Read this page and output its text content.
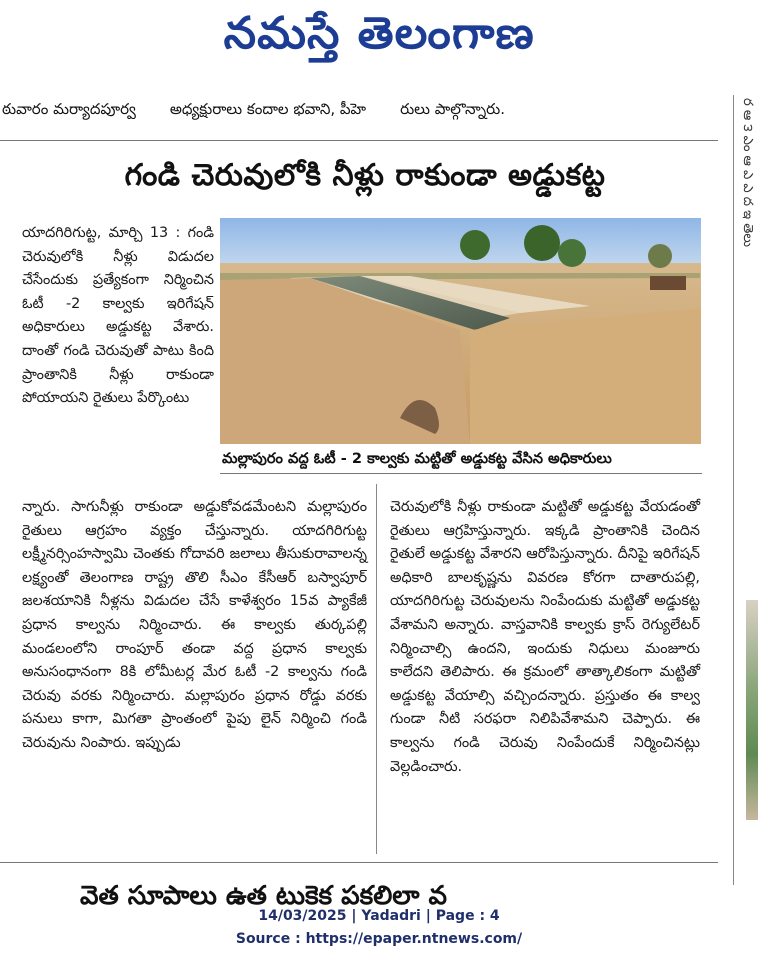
నమస్తే తెలంగాణ
ఠువారం మర్యాదపూర్వ అధ్యక్షురాలు కందాల భవాని, పీహె రులు పాల్గొన్నారు.
గండి చెరువులోకి నీళ్లు రాకుండా అడ్డుకట్ట
యాదగిరిగుట్ట, మార్చి 13 : గండి చెరువులోకి నీళ్లు విడుదల చేసేందుకు ప్రత్యేకంగా నిర్మించిన ఓటీ -2 కాల్వకు ఇరిగేషన్ అధికారులు అడ్డుకట్ట వేశారు. దాంతో గండి చెరువుతో పాటు కింది ప్రాంతానికి నీళ్లు రాకుండా పోయాయని రైతులు పేర్కొంటు
మల్లాపురం వద్ద ఓటీ - 2 కాల్వకు మట్టితో అడ్డుకట్ట వేసిన అధికారులు
న్నారు. సాగునీళ్లు రాకుండా అడ్డుకోవడమేంటని మల్లాపురం రైతులు ఆగ్రహం వ్యక్తం చేస్తున్నారు. యాదగిరిగుట్ట లక్ష్మీనర్సింహస్వామి చెంతకు గోదావరి జలాలు తీసుకురావాలన్న లక్ష్యంతో తెలంగాణ రాష్ట్ర తొలి సీఎం కేసీఆర్ బస్వాపూర్ జలశయానికి నీళ్లను విడుదల చేసే కాళేశ్వరం 15వ ప్యాకేజీ ప్రధాన కాల్వను నిర్మించారు. ఈ కాల్వకు తుర్కపల్లి మండలంలోని రాంపూర్ తండా వద్ద ప్రధాన కాల్వకు అనుసంధానంగా 8కి లోమీటర్ల మేర ఓటీ -2 కాల్వను గండి చెరువు వరకు నిర్మించారు. మల్లాపురం ప్రధాన రోడ్డు వరకు పనులు కాగా, మిగతా ప్రాంతంలో పైపు లైన్ నిర్మించి గండి చెరువును నింపారు. ఇప్పుడు
చెరువులోకి నీళ్లు రాకుండా మట్టితో అడ్డుకట్ట వేయడంతో రైతులు ఆగ్రహిస్తున్నారు. ఇక్కడి ప్రాంతానికి చెందిన రైతులే అడ్డుకట్ట వేశారని ఆరోపిస్తున్నారు. దీనిపై ఇరిగేషన్ అధికారి బాలకృష్ణను వివరణ కోరగా దాతారుపల్లి, యాదగిరిగుట్ట చెరువులను నింపేందుకు మట్టితో అడ్డుకట్ట వేశామని అన్నారు. వాస్తవానికి కాల్వకు క్రాస్ రెగ్యులేటర్ నిర్మించాల్సి ఉందని, ఇందుకు నిధులు మంజూరు కాలేదని తెలిపారు. ఈ క్రమంలో తాత్కాలికంగా మట్టితో అడ్డుకట్ట వేయాల్సి వచ్చిందన్నారు. ప్రస్తుతం ఈ కాల్వ గుండా నీటి సరఫరా నిలిపివేశామని చెప్పారు. ఈ కాల్వను గండి చెరువు నింపేందుకే నిర్మించినట్లు వెల్లడించారు.
ర ఆ ౩ ఎం ఆ ఎ ఎ ద ఇ తెలు
వెత సూపాలు ఉత టుకెక పకలిలా వ
14/03/2025 | Yadadri | Page : 4
Source : https://epaper.ntnews.com/
